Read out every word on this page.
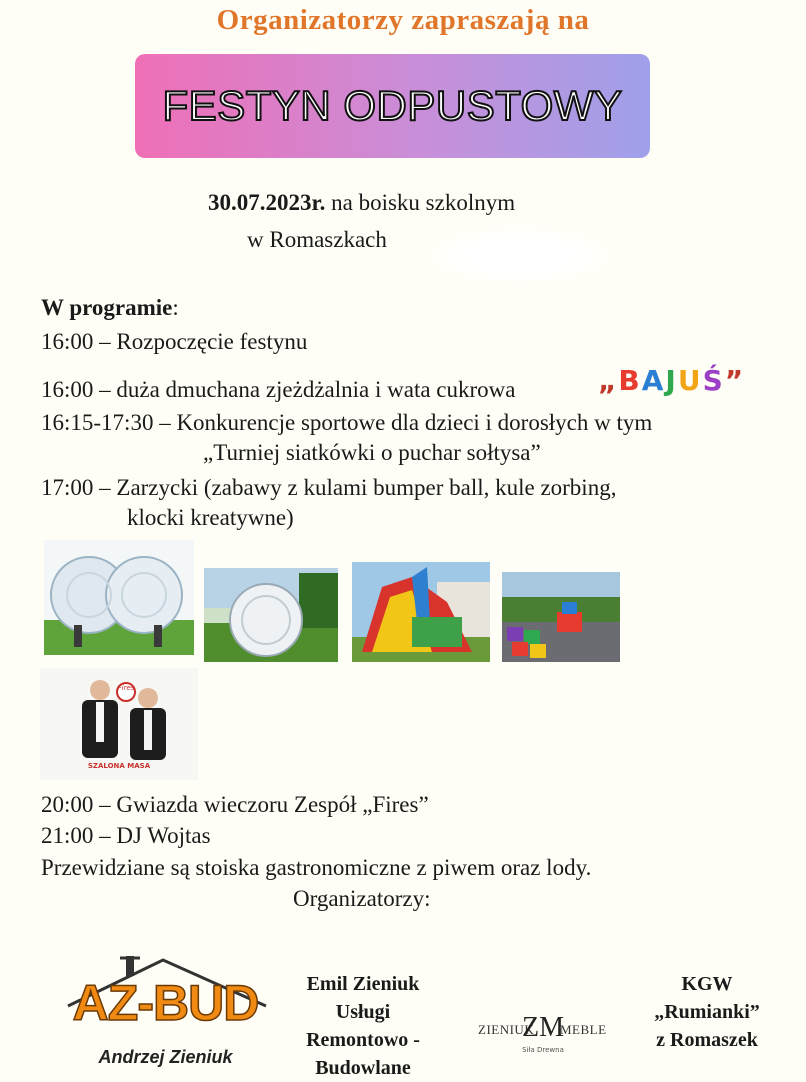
Organizatorzy zapraszają na
FESTYN ODPUSTOWY
30.07.2023r. na boisku szkolnym
w Romaszkach
W programie:
16:00 – Rozpoczęcie festynu
16:00 – duża dmuchana zjeżdżalnia i wata cukrowa	„BAJUŚ”
16:15-17:30 – Konkurencje sportowe dla dzieci i dorosłych w tym
„Turniej siatkówki o puchar sołtysa”
17:00 – Zarzycki (zabawy z kulami bumper ball, kule zorbing,
klocki kreatywne)
Fires
SZALONA MASA
20:00 – Gwiazda wieczoru Zespół „Fires”
21:00 – DJ Wojtas
Przewidziane są stoiska gastronomiczne z piwem oraz lody.
Organizatorzy:
AZ-BUD
Andrzej Zieniuk
Emil Zieniuk
Usługi
Remontowo -
Budowlane
ZIENIUK
ZM
MEBLE
Siła Drewna
KGW
„Rumianki”
z Romaszek
